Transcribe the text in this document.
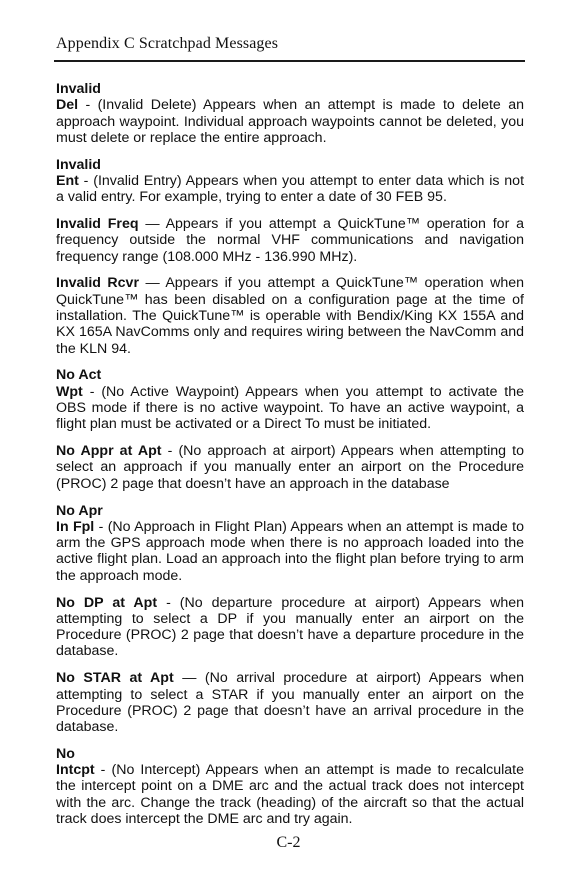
Appendix C Scratchpad Messages

Invalid
Del - (Invalid Delete) Appears when an attempt is made to delete an approach waypoint. Individual approach waypoints cannot be deleted, you must delete or replace the entire approach.

Invalid
Ent - (Invalid Entry) Appears when you attempt to enter data which is not a valid entry. For example, trying to enter a date of 30 FEB 95.

Invalid Freq — Appears if you attempt a QuickTune™ operation for a frequency outside the normal VHF communications and navigation frequency range (108.000 MHz - 136.990 MHz).

Invalid Rcvr — Appears if you attempt a QuickTune™ operation when QuickTune™ has been disabled on a configuration page at the time of installation. The QuickTune™ is operable with Bendix/King KX 155A and KX 165A NavComms only and requires wiring between the NavComm and the KLN 94.

No Act
Wpt - (No Active Waypoint) Appears when you attempt to activate the OBS mode if there is no active waypoint. To have an active waypoint, a flight plan must be activated or a Direct To must be initiated.

No Appr at Apt - (No approach at airport) Appears when attempting to select an approach if you manually enter an airport on the Procedure (PROC) 2 page that doesn’t have an approach in the database

No Apr
In Fpl - (No Approach in Flight Plan) Appears when an attempt is made to arm the GPS approach mode when there is no approach loaded into the active flight plan. Load an approach into the flight plan before trying to arm the approach mode.

No DP at Apt - (No departure procedure at airport) Appears when attempting to select a DP if you manually enter an airport on the Procedure (PROC) 2 page that doesn’t have a departure procedure in the database.

No STAR at Apt — (No arrival procedure at airport) Appears when attempting to select a STAR if you manually enter an airport on the Procedure (PROC) 2 page that doesn’t have an arrival procedure in the database.

No
Intcpt - (No Intercept) Appears when an attempt is made to recalculate the intercept point on a DME arc and the actual track does not intercept with the arc. Change the track (heading) of the aircraft so that the actual track does intercept the DME arc and try again.

C-2
